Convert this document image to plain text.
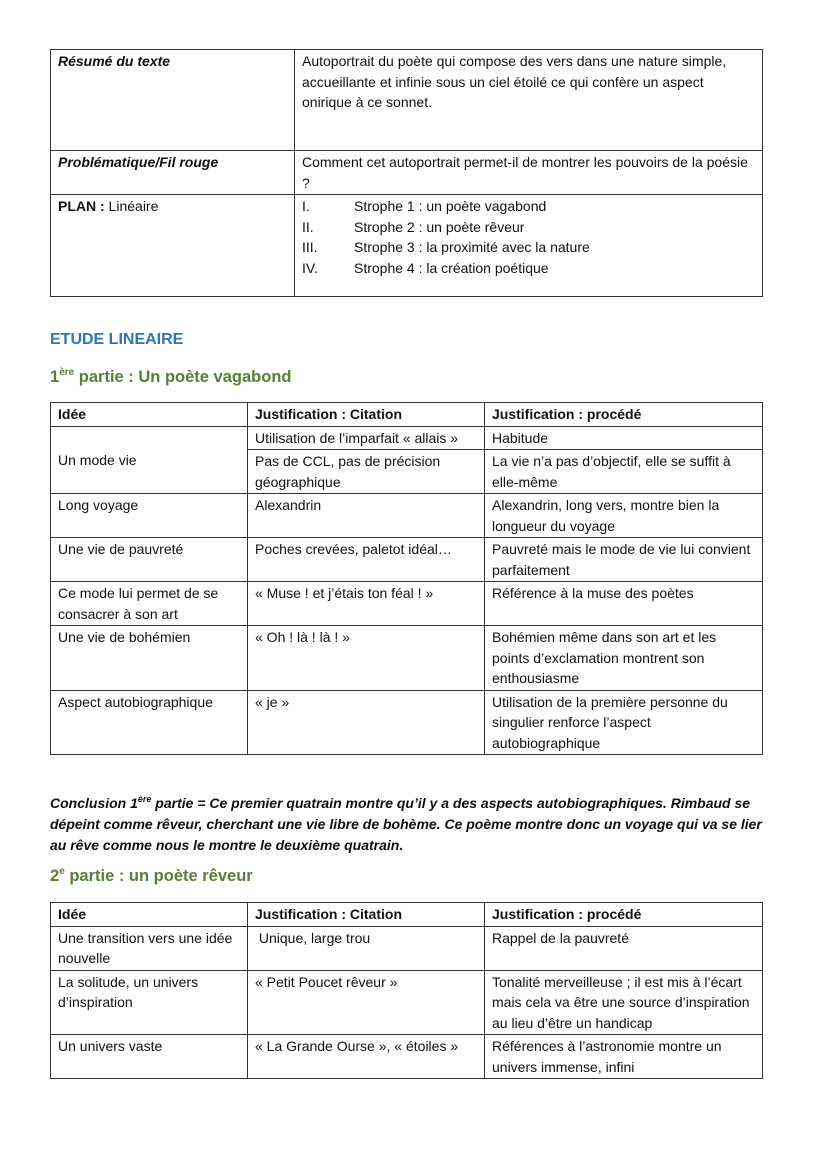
Résumé du texte	Autoportrait du poète qui compose des vers dans une nature simple, accueillante et infinie sous un ciel étoilé ce qui confère un aspect onirique à ce sonnet.
Problématique/Fil rouge	Comment cet autoportrait permet-il de montrer les pouvoirs de la poésie ?
PLAN : Linéaire	I.	Strophe 1 : un poète vagabond
II.	Strophe 2 : un poète rêveur
III.	Strophe 3 : la proximité avec la nature
IV.	Strophe 4 : la création poétique
ETUDE LINEAIRE
1ère partie : Un poète vagabond
Idée	Justification : Citation	Justification : procédé
Un mode vie	Utilisation de l’imparfait « allais »	Habitude
	Pas de CCL, pas de précision géographique	La vie n’a pas d’objectif, elle se suffit à elle-même
Long voyage	Alexandrin	Alexandrin, long vers, montre bien la longueur du voyage
Une vie de pauvreté	Poches crevées, paletot idéal…	Pauvreté mais le mode de vie lui convient parfaitement
Ce mode lui permet de se consacrer à son art	« Muse ! et j’étais ton féal ! »	Référence à la muse des poètes
Une vie de bohémien	« Oh ! là ! là ! »	Bohémien même dans son art et les points d’exclamation montrent son enthousiasme
Aspect autobiographique	« je »	Utilisation de la première personne du singulier renforce l’aspect autobiographique

Conclusion 1ère partie = Ce premier quatrain montre qu’il y a des aspects autobiographiques. Rimbaud se dépeint comme rêveur, cherchant une vie libre de bohème. Ce poème montre donc un voyage qui va se lier au rêve comme nous le montre le deuxième quatrain.

2e partie : un poète rêveur
Idée	Justification : Citation	Justification : procédé
Une transition vers une idée nouvelle	Unique, large trou	Rappel de la pauvreté
La solitude, un univers d’inspiration	« Petit Poucet rêveur »	Tonalité merveilleuse ; il est mis à l’écart mais cela va être une source d’inspiration au lieu d’être un handicap
Un univers vaste	« La Grande Ourse », « étoiles »	Références à l’astronomie montre un univers immense, infini
